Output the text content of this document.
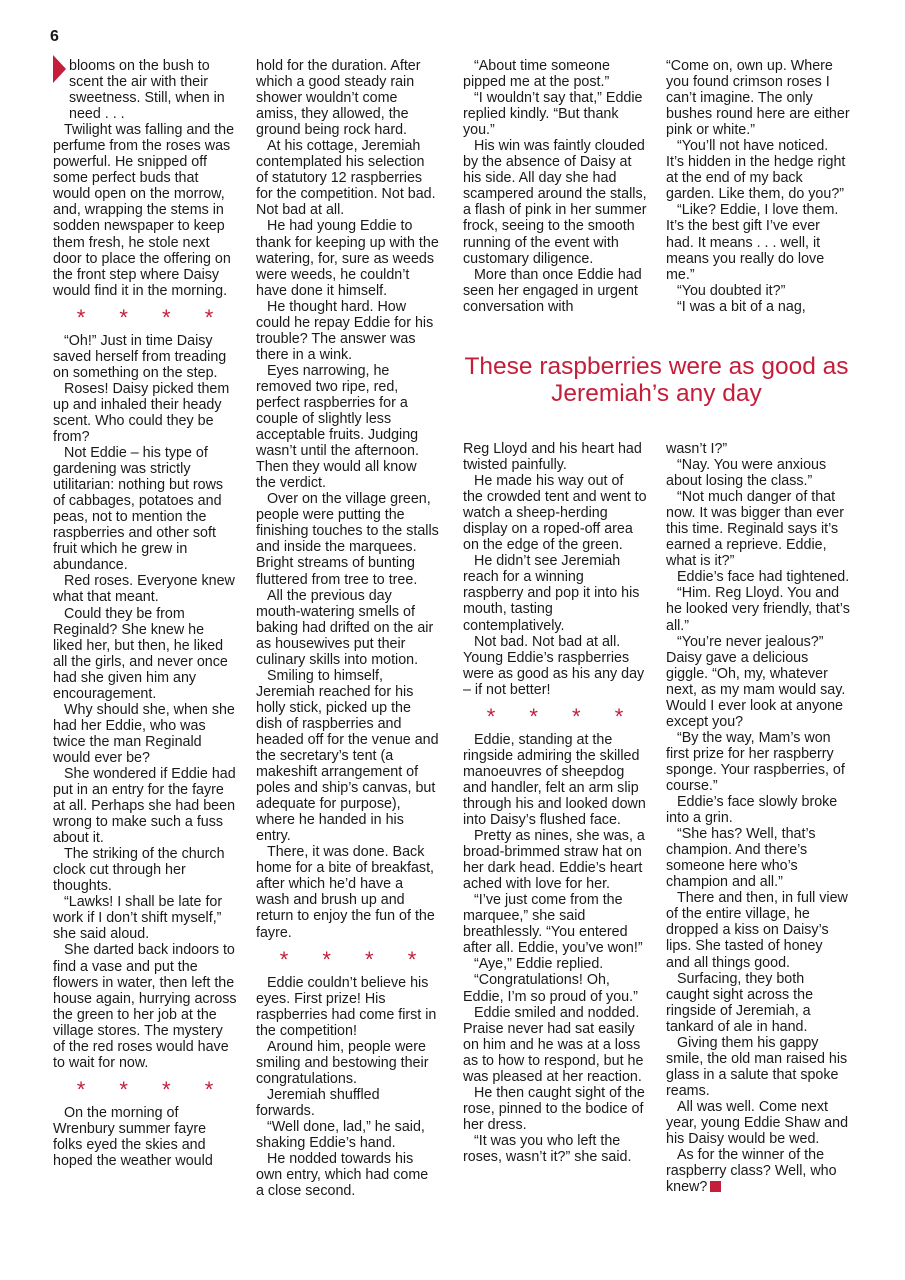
6

blooms on the bush to scent the air with their sweetness. Still, when in need . . .

Twilight was falling and the perfume from the roses was powerful. He snipped off some perfect buds that would open on the morrow, and, wrapping the stems in sodden newspaper to keep them fresh, he stole next door to place the offering on the front step where Daisy would find it in the morning.

* * * *

“Oh!” Just in time Daisy saved herself from treading on something on the step.

Roses! Daisy picked them up and inhaled their heady scent. Who could they be from?

Not Eddie – his type of gardening was strictly utilitarian: nothing but rows of cabbages, potatoes and peas, not to mention the raspberries and other soft fruit which he grew in abundance.

Red roses. Everyone knew what that meant.

Could they be from Reginald? She knew he liked her, but then, he liked all the girls, and never once had she given him any encouragement.

Why should she, when she had her Eddie, who was twice the man Reginald would ever be?

She wondered if Eddie had put in an entry for the fayre at all. Perhaps she had been wrong to make such a fuss about it.

The striking of the church clock cut through her thoughts.

“Lawks! I shall be late for work if I don’t shift myself,” she said aloud.

She darted back indoors to find a vase and put the flowers in water, then left the house again, hurrying across the green to her job at the village stores. The mystery of the red roses would have to wait for now.

* * * *

On the morning of Wrenbury summer fayre folks eyed the skies and hoped the weather would

hold for the duration. After which a good steady rain shower wouldn’t come amiss, they allowed, the ground being rock hard.

At his cottage, Jeremiah contemplated his selection of statutory 12 raspberries for the competition. Not bad. Not bad at all.

He had young Eddie to thank for keeping up with the watering, for, sure as weeds were weeds, he couldn’t have done it himself.

He thought hard. How could he repay Eddie for his trouble? The answer was there in a wink.

Eyes narrowing, he removed two ripe, red, perfect raspberries for a couple of slightly less acceptable fruits. Judging wasn’t until the afternoon. Then they would all know the verdict.

Over on the village green, people were putting the finishing touches to the stalls and inside the marquees. Bright streams of bunting fluttered from tree to tree.

All the previous day mouth-watering smells of baking had drifted on the air as housewives put their culinary skills into motion.

Smiling to himself, Jeremiah reached for his holly stick, picked up the dish of raspberries and headed off for the venue and the secretary’s tent (a makeshift arrangement of poles and ship’s canvas, but adequate for purpose), where he handed in his entry.

There, it was done. Back home for a bite of breakfast, after which he’d have a wash and brush up and return to enjoy the fun of the fayre.

* * * *

Eddie couldn’t believe his eyes. First prize! His raspberries had come first in the competition!

Around him, people were smiling and bestowing their congratulations.

Jeremiah shuffled forwards.

“Well done, lad,” he said, shaking Eddie’s hand.

He nodded towards his own entry, which had come a close second.

“About time someone pipped me at the post.”

“I wouldn’t say that,” Eddie replied kindly. “But thank you.”

His win was faintly clouded by the absence of Daisy at his side. All day she had scampered around the stalls, a flash of pink in her summer frock, seeing to the smooth running of the event with customary diligence.

More than once Eddie had seen her engaged in urgent conversation with

“Come on, own up. Where you found crimson roses I can’t imagine. The only bushes round here are either pink or white.”

“You’ll not have noticed. It’s hidden in the hedge right at the end of my back garden. Like them, do you?”

“Like? Eddie, I love them. It’s the best gift I’ve ever had. It means . . . well, it means you really do love me.”

“You doubted it?”

“I was a bit of a nag,

These raspberries were as good as Jeremiah’s any day

Reg Lloyd and his heart had twisted painfully.

He made his way out of the crowded tent and went to watch a sheep-herding display on a roped-off area on the edge of the green.

He didn’t see Jeremiah reach for a winning raspberry and pop it into his mouth, tasting contemplatively.

Not bad. Not bad at all. Young Eddie’s raspberries were as good as his any day – if not better!

* * * *

Eddie, standing at the ringside admiring the skilled manoeuvres of sheepdog and handler, felt an arm slip through his and looked down into Daisy’s flushed face.

Pretty as nines, she was, a broad-brimmed straw hat on her dark head. Eddie’s heart ached with love for her.

“I’ve just come from the marquee,” she said breathlessly. “You entered after all. Eddie, you’ve won!”

“Aye,” Eddie replied.

“Congratulations! Oh, Eddie, I’m so proud of you.”

Eddie smiled and nodded. Praise never had sat easily on him and he was at a loss as to how to respond, but he was pleased at her reaction.

He then caught sight of the rose, pinned to the bodice of her dress.

“It was you who left the roses, wasn’t it?” she said.

wasn’t I?”

“Nay. You were anxious about losing the class.”

“Not much danger of that now. It was bigger than ever this time. Reginald says it’s earned a reprieve. Eddie, what is it?”

Eddie’s face had tightened.

“Him. Reg Lloyd. You and he looked very friendly, that’s all.”

“You’re never jealous?” Daisy gave a delicious giggle. “Oh, my, whatever next, as my mam would say. Would I ever look at anyone except you?

“By the way, Mam’s won first prize for her raspberry sponge. Your raspberries, of course.”

Eddie’s face slowly broke into a grin.

“She has? Well, that’s champion. And there’s someone here who’s champion and all.”

There and then, in full view of the entire village, he dropped a kiss on Daisy’s lips. She tasted of honey and all things good.

Surfacing, they both caught sight across the ringside of Jeremiah, a tankard of ale in hand.

Giving them his gappy smile, the old man raised his glass in a salute that spoke reams.

All was well. Come next year, young Eddie Shaw and his Daisy would be wed.

As for the winner of the raspberry class? Well, who knew?
